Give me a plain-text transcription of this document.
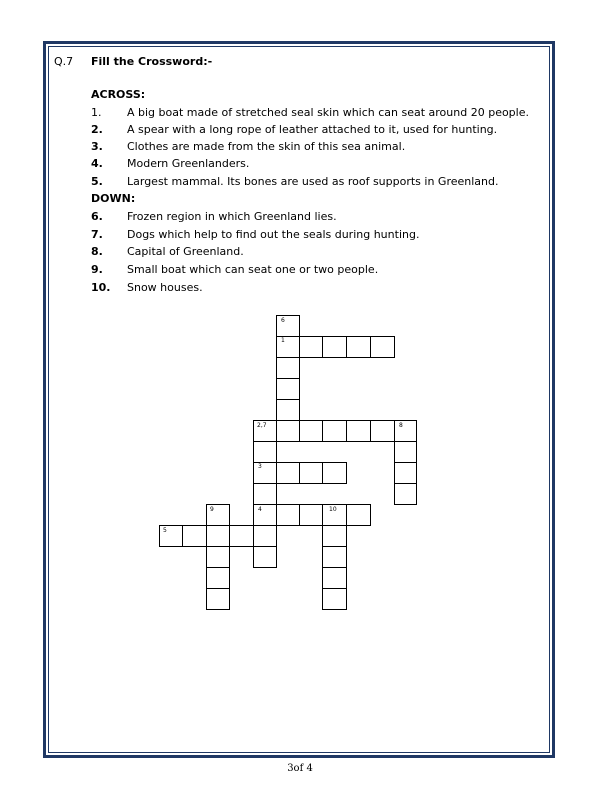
Q.7 Fill the Crossword:-
ACROSS:
1. A big boat made of stretched seal skin which can seat around 20 people.
2. A spear with a long rope of leather attached to it, used for hunting.
3. Clothes are made from the skin of this sea animal.
4. Modern Greenlanders.
5. Largest mammal. Its bones are used as roof supports in Greenland.
DOWN:
6. Frozen region in which Greenland lies.
7. Dogs which help to find out the seals during hunting.
8. Capital of Greenland.
9. Small boat which can seat one or two people.
10. Snow houses.
6
1
2,7	8
3
9	4	10
5
3of 4
